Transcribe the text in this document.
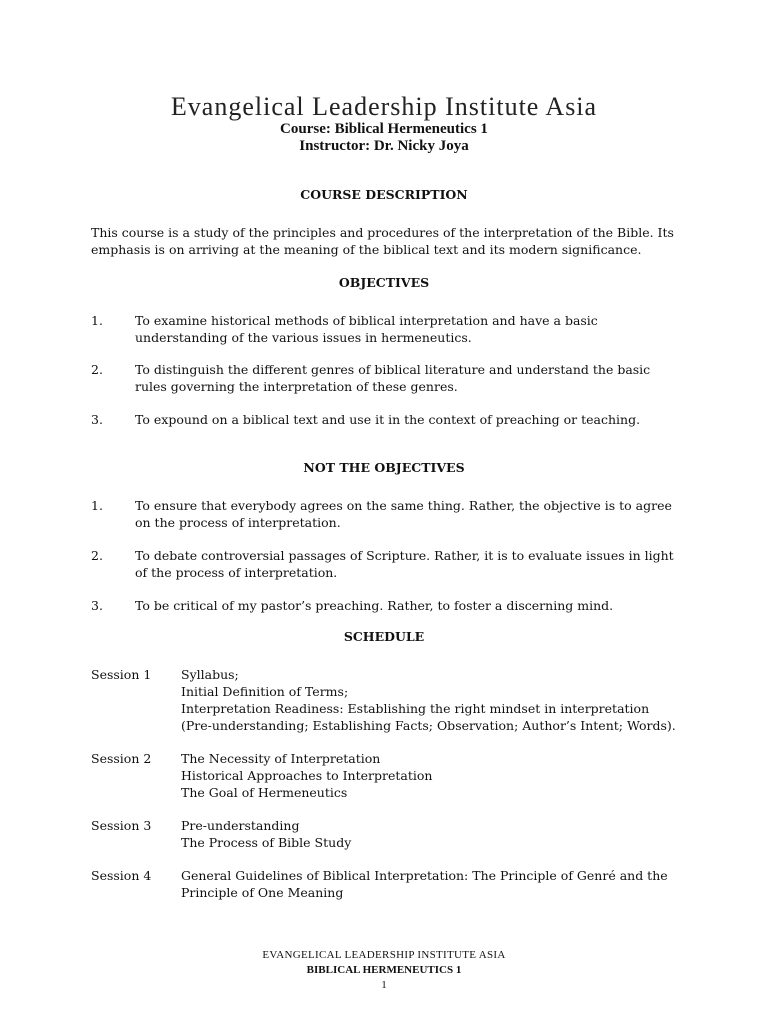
Evangelical Leadership Institute Asia
Course: Biblical Hermeneutics 1
Instructor: Dr. Nicky Joya
COURSE DESCRIPTION
This course is a study of the principles and procedures of the interpretation of the Bible. Its emphasis is on arriving at the meaning of the biblical text and its modern significance.
OBJECTIVES
1.	To examine historical methods of biblical interpretation and have a basic understanding of the various issues in hermeneutics.
2.	To distinguish the different genres of biblical literature and understand the basic rules governing the interpretation of these genres.
3.	To expound on a biblical text and use it in the context of preaching or teaching.
NOT THE OBJECTIVES
1.	To ensure that everybody agrees on the same thing. Rather, the objective is to agree on the process of interpretation.
2.	To debate controversial passages of Scripture. Rather, it is to evaluate issues in light of the process of interpretation.
3.	To be critical of my pastor’s preaching. Rather, to foster a discerning mind.
SCHEDULE
Session 1	Syllabus;
Initial Definition of Terms;
Interpretation Readiness: Establishing the right mindset in interpretation (Pre-understanding; Establishing Facts; Observation; Author’s Intent; Words).
Session 2	The Necessity of Interpretation
Historical Approaches to Interpretation
The Goal of Hermeneutics
Session 3	Pre-understanding
The Process of Bible Study
Session 4	General Guidelines of Biblical Interpretation: The Principle of Genré and the Principle of One Meaning
EVANGELICAL LEADERSHIP INSTITUTE ASIA
BIBLICAL HERMENEUTICS 1
1
